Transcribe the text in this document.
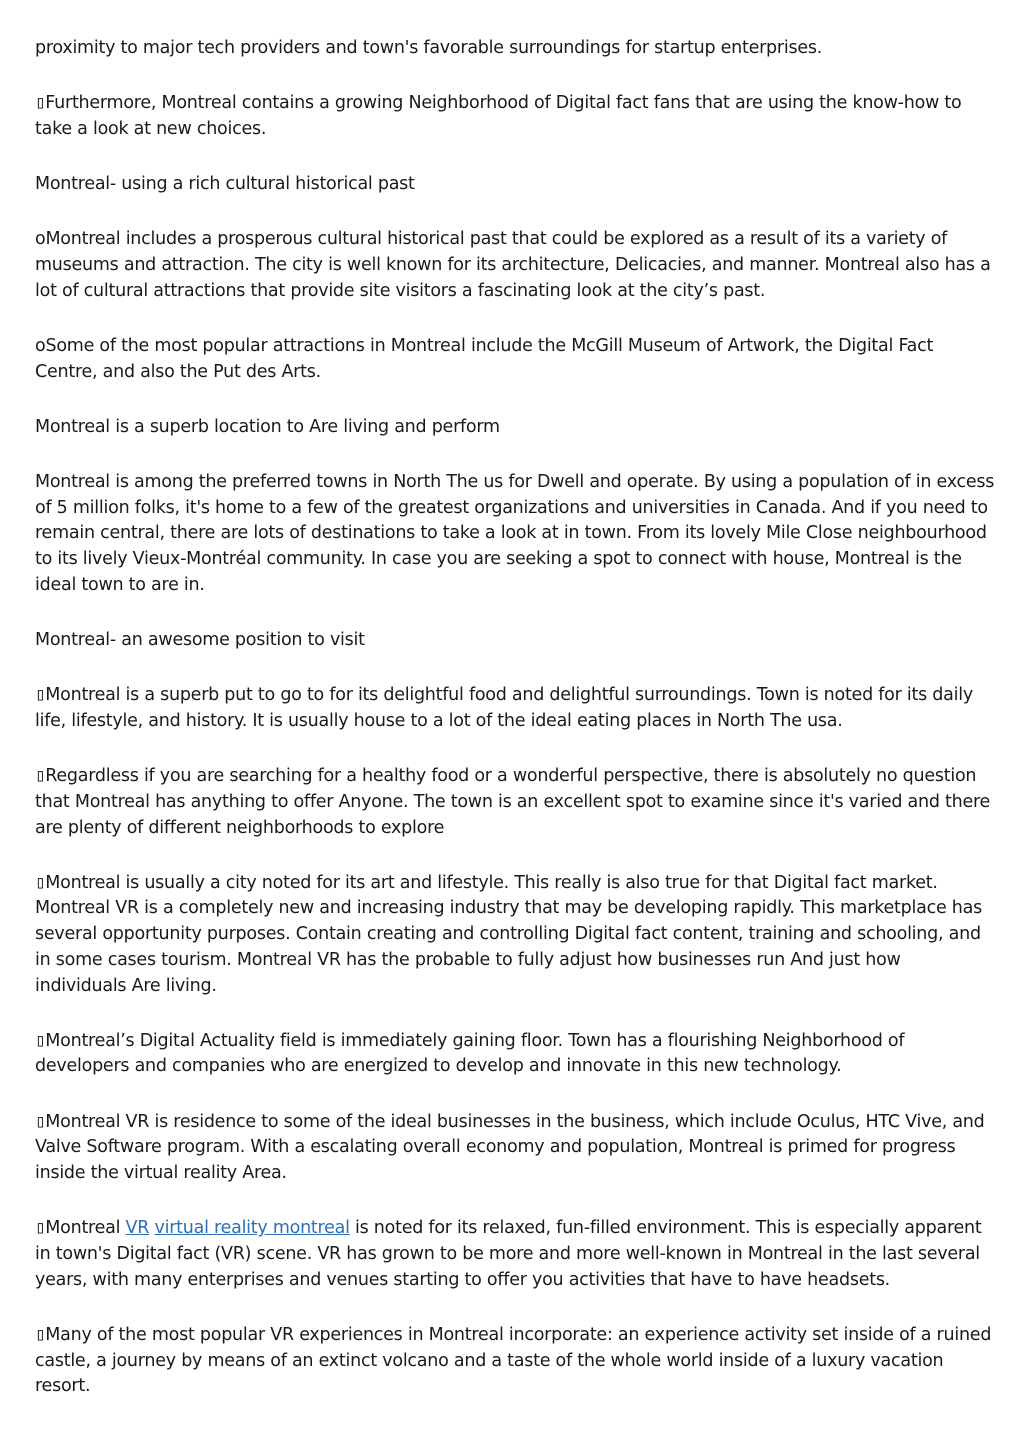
proximity to major tech providers and town's favorable surroundings for startup enterprises.

▯Furthermore, Montreal contains a growing Neighborhood of Digital fact fans that are using the know-how to take a look at new choices.

Montreal- using a rich cultural historical past

oMontreal includes a prosperous cultural historical past that could be explored as a result of its a variety of museums and attraction. The city is well known for its architecture, Delicacies, and manner. Montreal also has a lot of cultural attractions that provide site visitors a fascinating look at the city’s past.

oSome of the most popular attractions in Montreal include the McGill Museum of Artwork, the Digital Fact Centre, and also the Put des Arts.

Montreal is a superb location to Are living and perform

Montreal is among the preferred towns in North The us for Dwell and operate. By using a population of in excess of 5 million folks, it's home to a few of the greatest organizations and universities in Canada. And if you need to remain central, there are lots of destinations to take a look at in town. From its lovely Mile Close neighbourhood to its lively Vieux-Montréal community. In case you are seeking a spot to connect with house, Montreal is the ideal town to are in.

Montreal- an awesome position to visit

▯Montreal is a superb put to go to for its delightful food and delightful surroundings. Town is noted for its daily life, lifestyle, and history. It is usually house to a lot of the ideal eating places in North The usa.

▯Regardless if you are searching for a healthy food or a wonderful perspective, there is absolutely no question that Montreal has anything to offer Anyone. The town is an excellent spot to examine since it's varied and there are plenty of different neighborhoods to explore

▯Montreal is usually a city noted for its art and lifestyle. This really is also true for that Digital fact market. Montreal VR is a completely new and increasing industry that may be developing rapidly. This marketplace has several opportunity purposes. Contain creating and controlling Digital fact content, training and schooling, and in some cases tourism. Montreal VR has the probable to fully adjust how businesses run And just how individuals Are living.

▯Montreal’s Digital Actuality field is immediately gaining floor. Town has a flourishing Neighborhood of developers and companies who are energized to develop and innovate in this new technology.

▯Montreal VR is residence to some of the ideal businesses in the business, which include Oculus, HTC Vive, and Valve Software program. With a escalating overall economy and population, Montreal is primed for progress inside the virtual reality Area.

▯Montreal VR virtual reality montreal is noted for its relaxed, fun-filled environment. This is especially apparent in town's Digital fact (VR) scene. VR has grown to be more and more well-known in Montreal in the last several years, with many enterprises and venues starting to offer you activities that have to have headsets.

▯Many of the most popular VR experiences in Montreal incorporate: an experience activity set inside of a ruined castle, a journey by means of an extinct volcano and a taste of the whole world inside of a luxury vacation resort.
